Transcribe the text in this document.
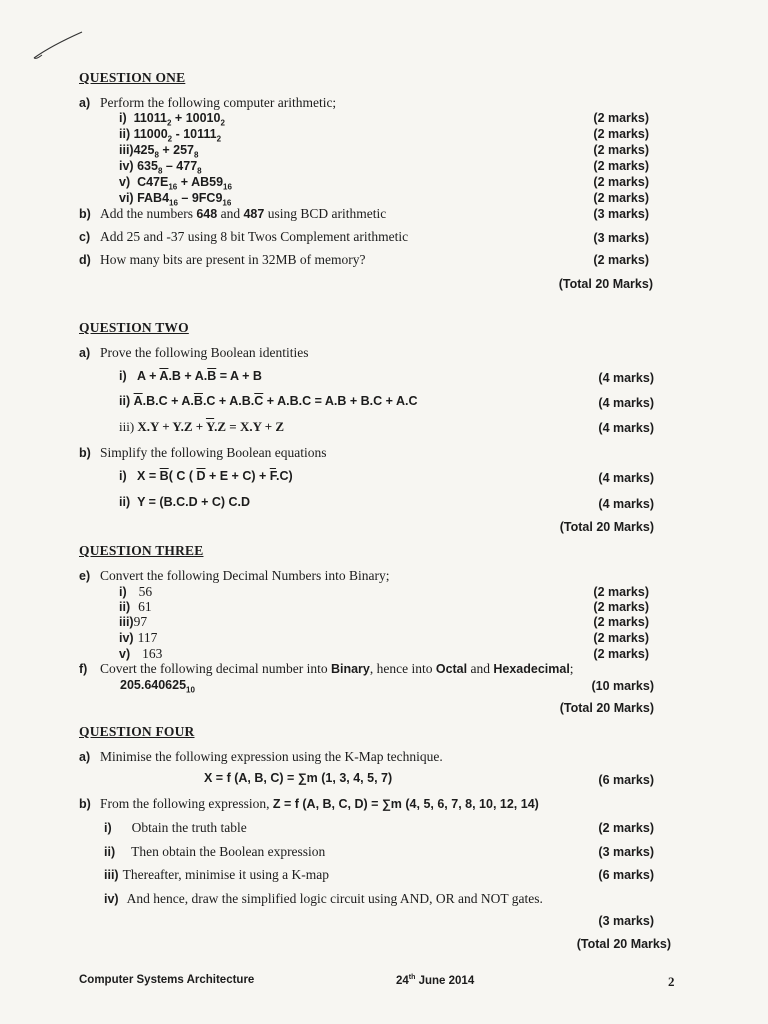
QUESTION ONE
a) Perform the following computer arithmetic;
i) $11011_2 + 10010_2$	(2 marks)
ii) $11000_2 - 10111_2$	(2 marks)
$iii)425_8 + 257_8$	(2 marks)
iv) $635_8 - 477_8$	(2 marks)
v) $C47E_{16} + AB59_{16}$	(2 marks)
vi) $FAB4_{16} - 9FC9_{16}$	(2 marks)
b) Add the numbers 648 and 487 using BCD arithmetic	(3 marks)
c) Add 25 and -37 using 8 bit Twos Complement arithmetic	(3 marks)
d) How many bits are present in 32MB of memory?	(2 marks)
(Total 20 Marks)
QUESTION TWO
a) Prove the following Boolean identities
i)   $A + \overline{A}.B + A.\overline{B} = A + B$	(4 marks)
ii) $\overline{A}.B.C + A.\overline{B}.C + A.B.\overline{C} + A.B.C = A.B + B.C + A.C$	(4 marks)
iii) $X.Y + Y.Z + \overline{Y}.Z = X.Y + Z$	(4 marks)
b) Simplify the following Boolean equations
i)   $X = \overline{B}$( C ( $\overline{D} + E + C) + \overline{F}.C$)	(4 marks)
ii) Y = (B.C.D + C) C.D	(4 marks)
(Total 20 Marks)
QUESTION THREE
e) Convert the following Decimal Numbers into Binary;
i) 56	(2 marks)
ii) 61	(2 marks)
iii)97	(2 marks)
iv) 117	(2 marks)
v) 163	(2 marks)
f) Covert the following decimal number into Binary, hence into Octal and Hexadecimal;
$205.640625_{10}$	(10 marks)
(Total 20 Marks)
QUESTION FOUR
a) Minimise the following expression using the K-Map technique.
X = f (A, B, C) = ∑m (1, 3, 4, 5, 7)	(6 marks)
b) From the following expression, Z = f (A, B, C, D) = ∑m (4, 5, 6, 7, 8, 10, 12, 14)
i) Obtain the truth table	(2 marks)
ii) Then obtain the Boolean expression	(3 marks)
iii) Thereafter, minimise it using a K-map	(6 marks)
iv) And hence, draw the simplified logic circuit using AND, OR and NOT gates.
(3 marks)
(Total 20 Marks)
Computer Systems Architecture	24th June 2014	2
